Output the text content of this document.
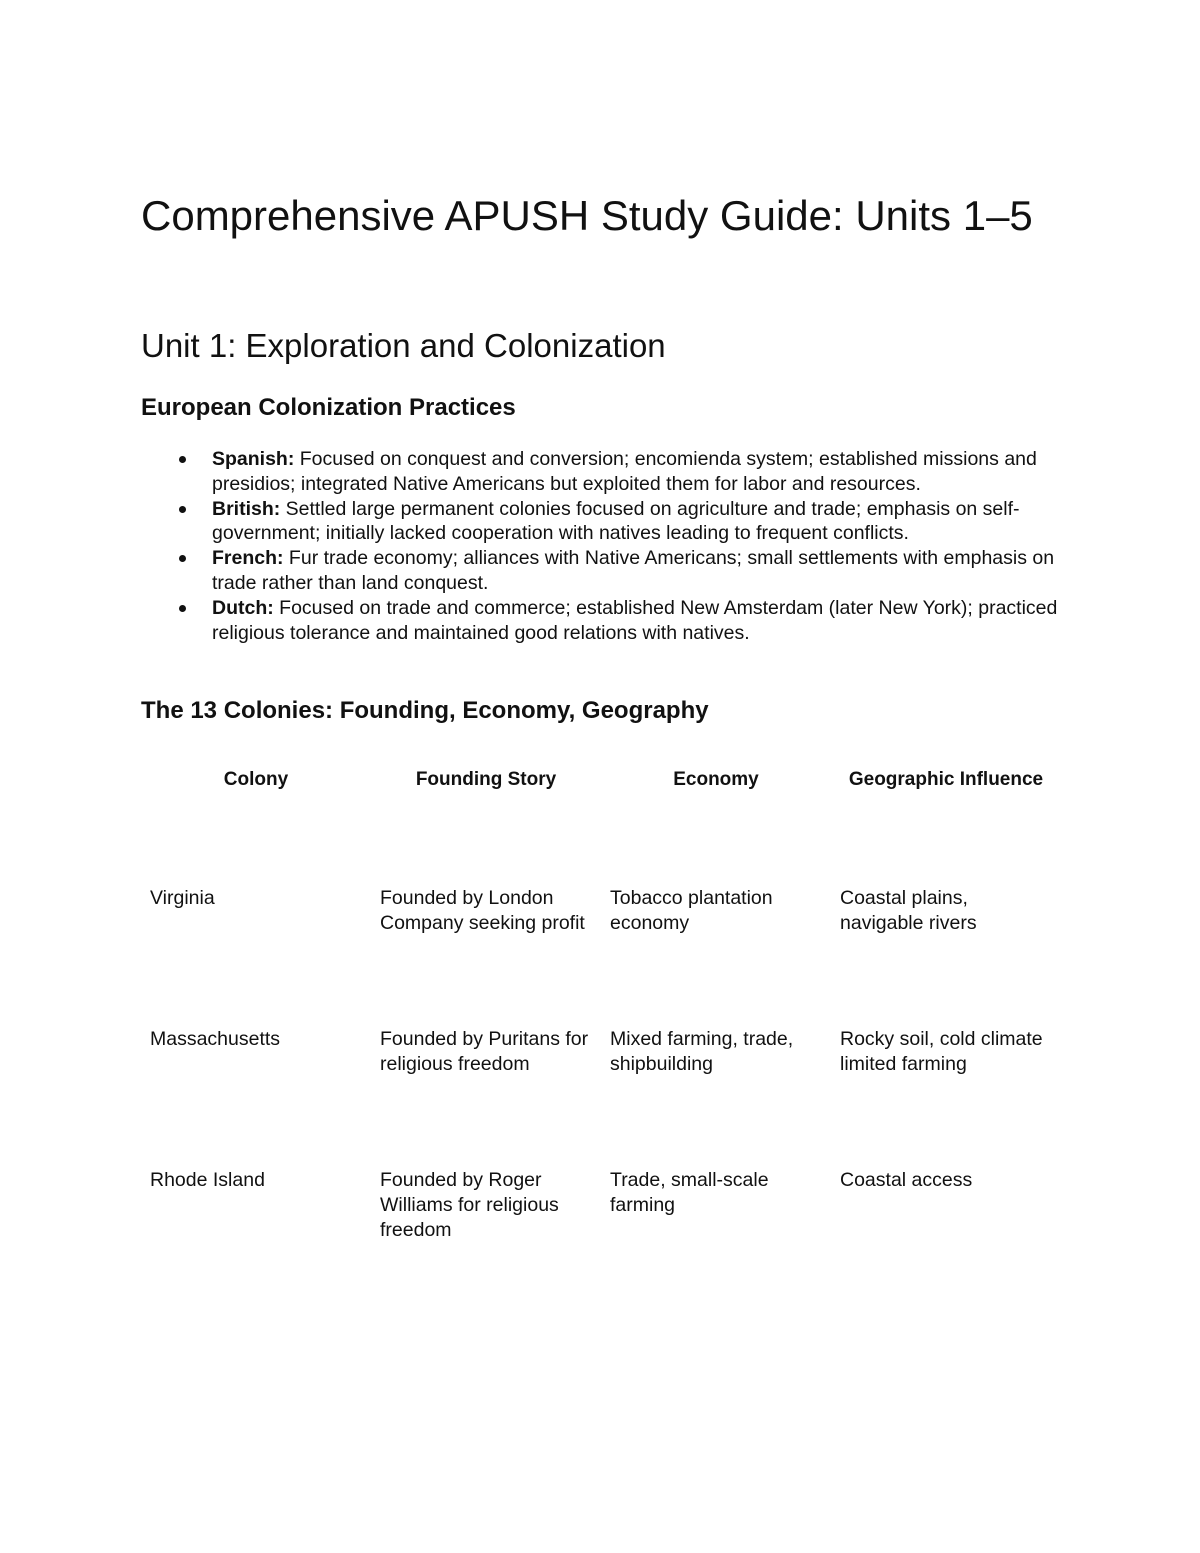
Comprehensive APUSH Study Guide: Units 1–5
Unit 1: Exploration and Colonization
European Colonization Practices
Spanish: Focused on conquest and conversion; encomienda system; established missions and presidios; integrated Native Americans but exploited them for labor and resources.
British: Settled large permanent colonies focused on agriculture and trade; emphasis on self-government; initially lacked cooperation with natives leading to frequent conflicts.
French: Fur trade economy; alliances with Native Americans; small settlements with emphasis on trade rather than land conquest.
Dutch: Focused on trade and commerce; established New Amsterdam (later New York); practiced religious tolerance and maintained good relations with natives.
The 13 Colonies: Founding, Economy, Geography
Colony	Founding Story	Economy	Geographic Influence

Virginia	Founded by London Company seeking profit	Tobacco plantation economy	Coastal plains, navigable rivers

Massachusetts	Founded by Puritans for religious freedom	Mixed farming, trade, shipbuilding	Rocky soil, cold climate limited farming

Rhode Island	Founded by Roger Williams for religious freedom	Trade, small-scale farming	Coastal access
